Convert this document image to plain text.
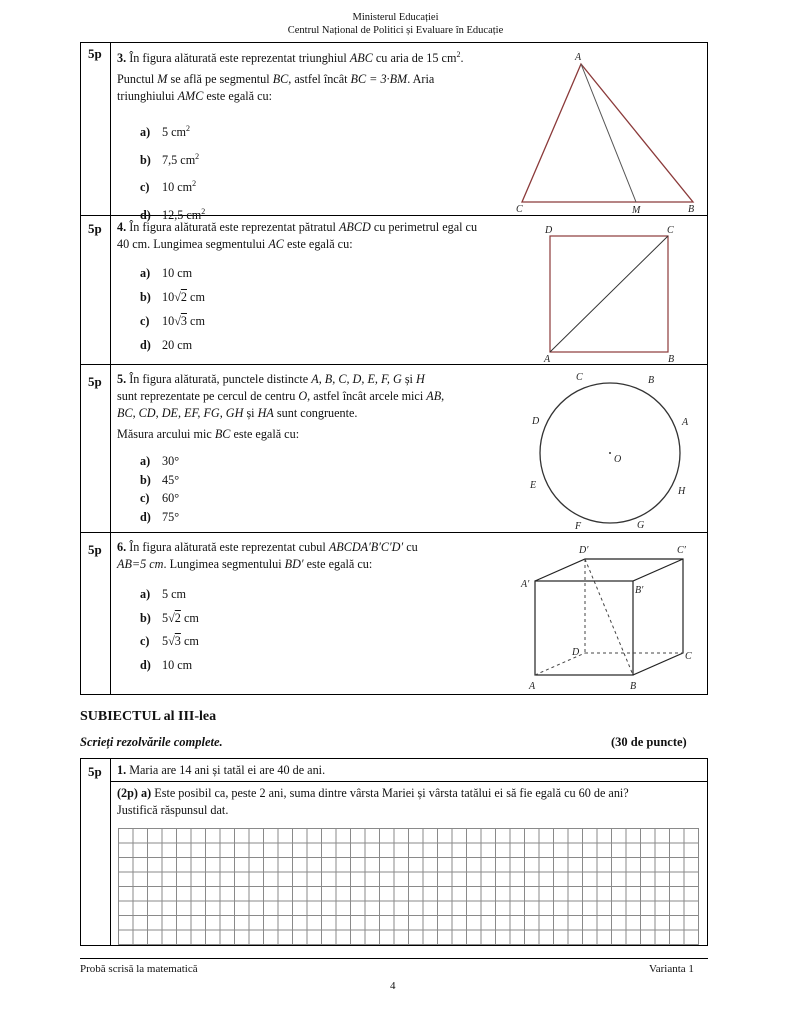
Ministerul Educației
Centrul Național de Politici și Evaluare în Educație
5p 3. În figura alăturată este reprezentat triunghiul ABC cu aria de 15 $cm^2$.
Punctul M se află pe segmentul BC, astfel încât BC = 3·BM. Aria
triunghiului AMC este egală cu:
a) 5 $cm^2$
b) 7,5 $cm^2$
c) 10 $cm^2$
d) 12,5 $cm^2$
A
C	M	B
5p 4. În figura alăturată este reprezentat pătratul ABCD cu perimetrul egal cu
40 cm. Lungimea segmentului AC este egală cu:
a) 10 cm
b) 10√2 cm
c) 10√3 cm
d) 20 cm
D	C
A	B
5p 5. În figura alăturată, punctele distincte A, B, C, D, E, F, G și H
sunt reprezentate pe cercul de centru O, astfel încât arcele mici AB,
BC, CD, DE, EF, FG, GH și HA sunt congruente.
Măsura arcului mic BC este egală cu:
a) 30°
b) 45°
c) 60°
d) 75°
O
C	B
A
D
E
H
F	G
5p 6. În figura alăturată este reprezentat cubul ABCDA′B′C′D′ cu
AB=5 cm. Lungimea segmentului BD′ este egală cu:
a) 5 cm
b) 5√2 cm
c) 5√3 cm
d) 10 cm
D′	C′
A′
B′
D	C
A	B
SUBIECTUL al III-lea
Scrieți rezolvările complete.	(30 de puncte)
5p 1. Maria are 14 ani și tatăl ei are 40 de ani.
(2p) a) Este posibil ca, peste 2 ani, suma dintre vârsta Mariei și vârsta tatălui ei să fie egală cu 60 de ani?
Justifică răspunsul dat.
Probă scrisă la matematică
4
Varianta 1
